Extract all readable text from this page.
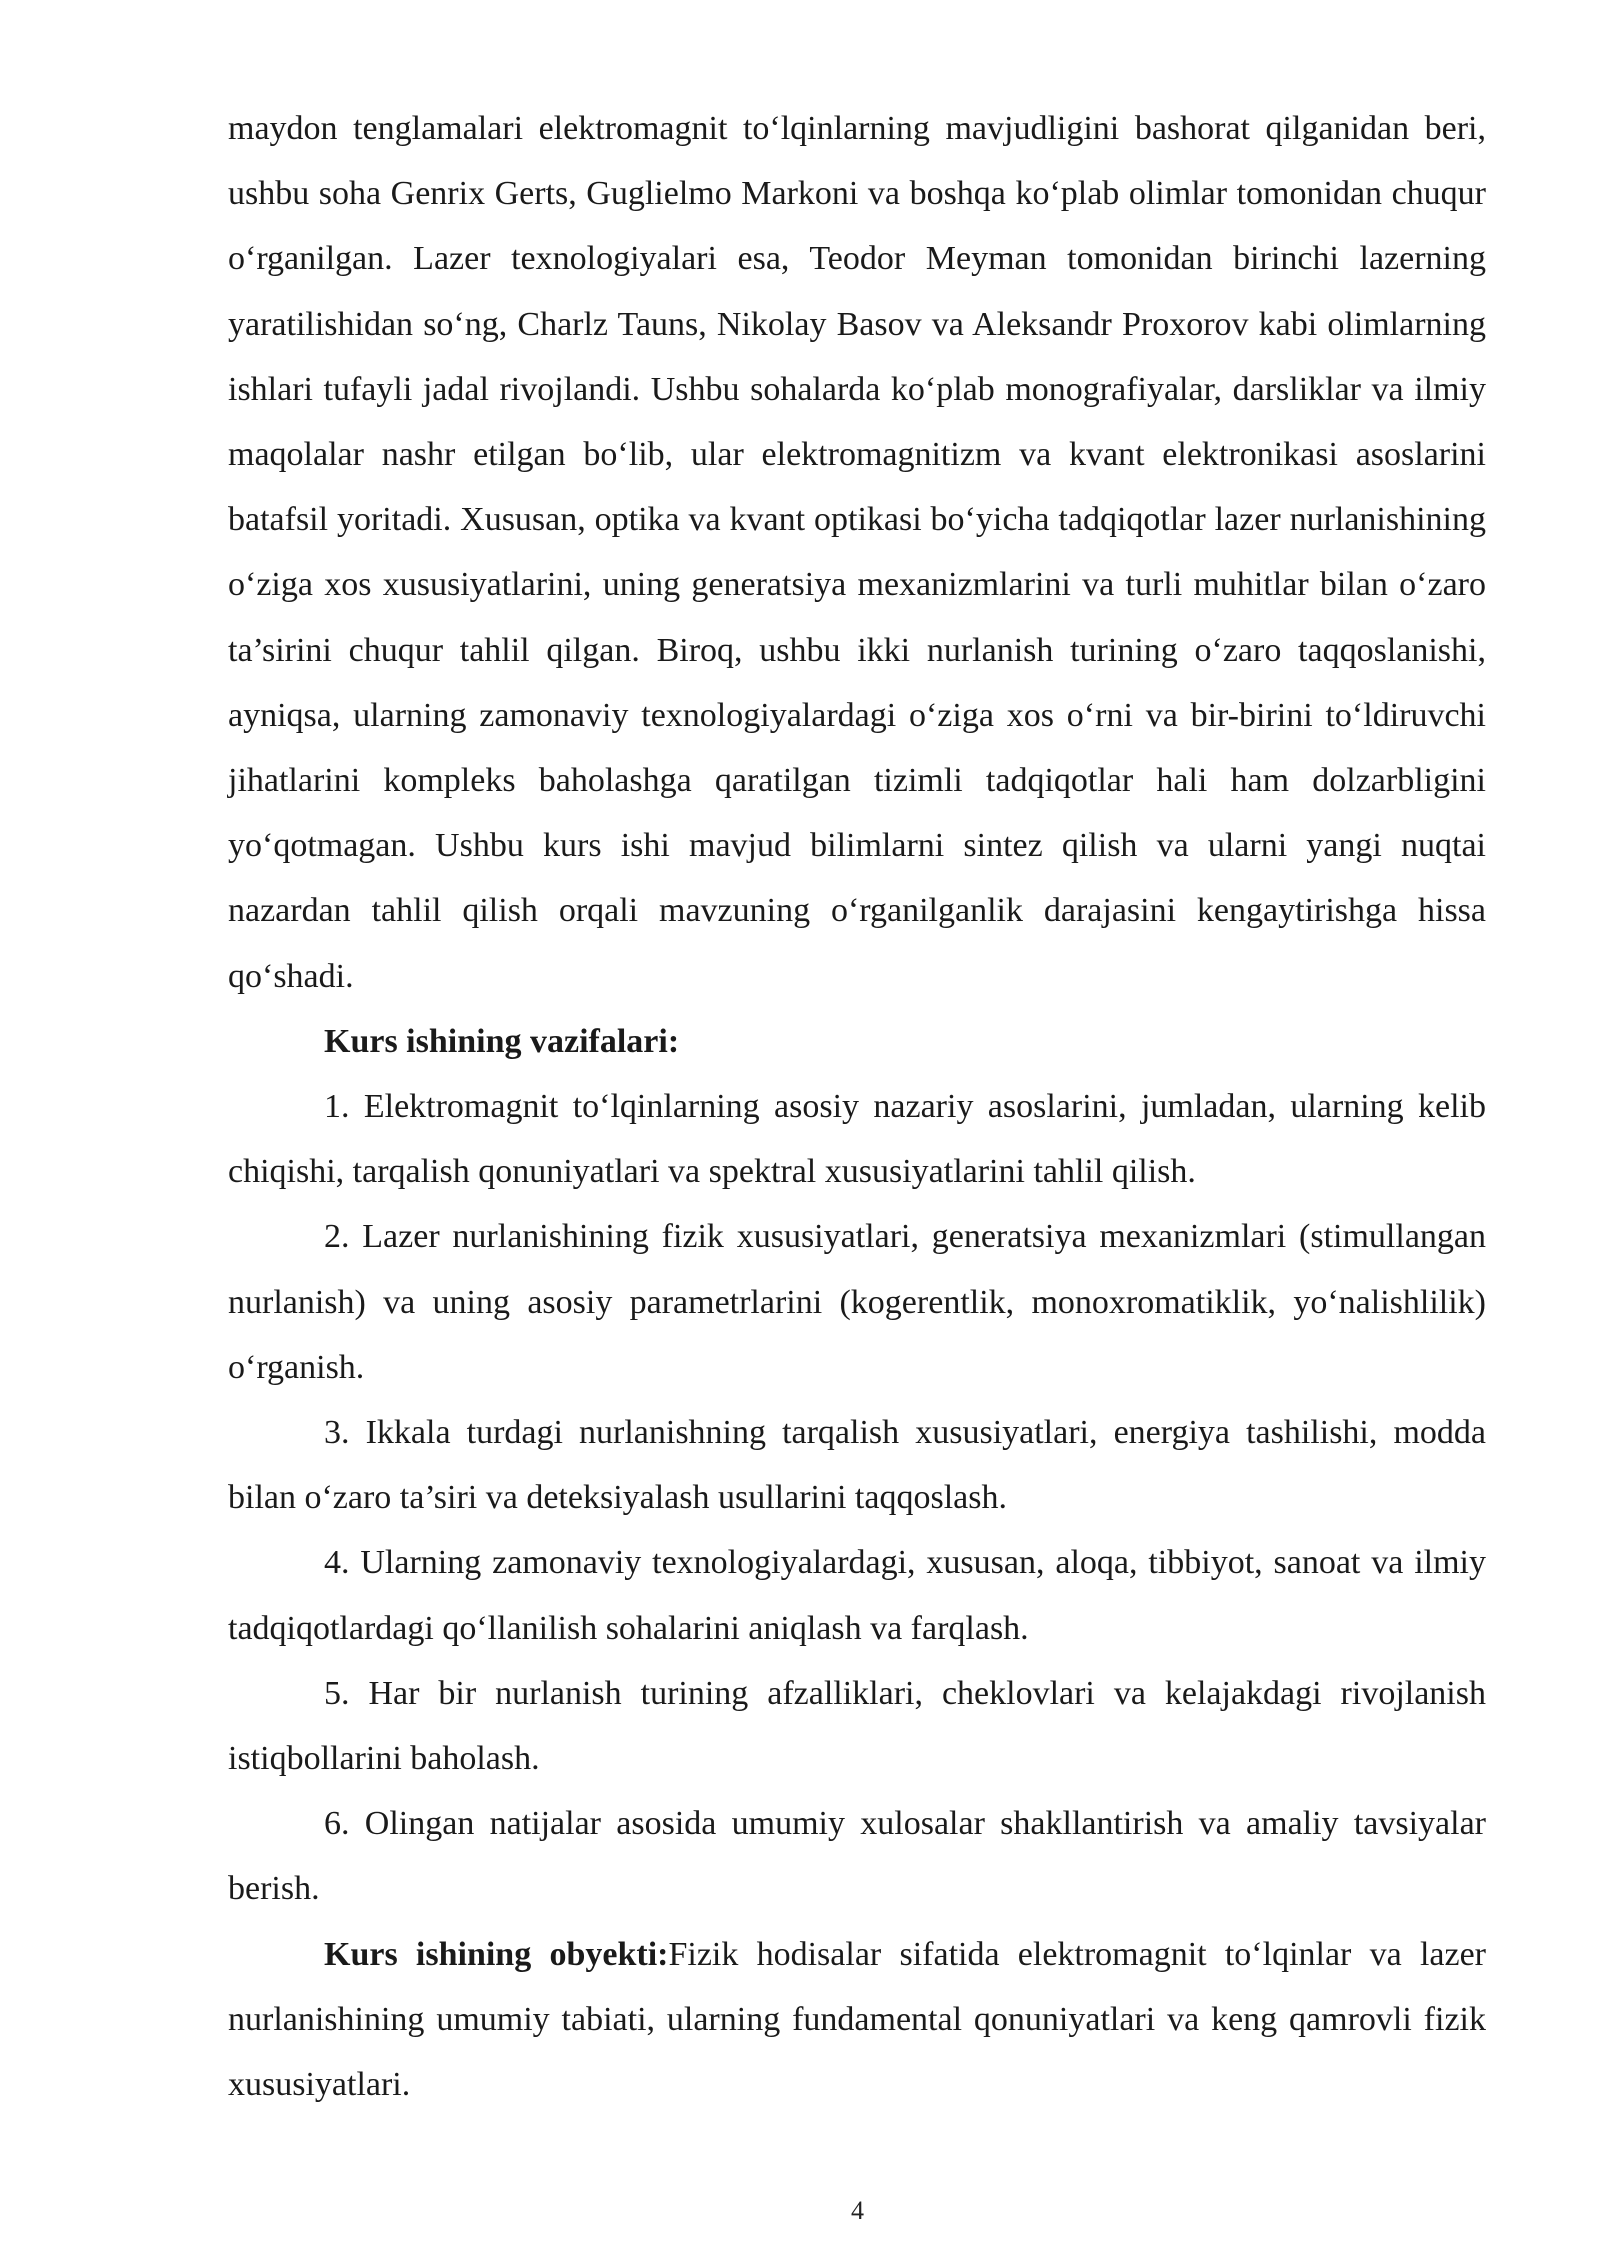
maydon tenglamalari elektromagnit to‘lqinlarning mavjudligini bashorat qilganidan beri, ushbu soha Genrix Gerts, Guglielmo Markoni va boshqa ko‘plab olimlar tomonidan chuqur o‘rganilgan. Lazer texnologiyalari esa, Teodor Meyman tomonidan birinchi lazerning yaratilishidan so‘ng, Charlz Tauns, Nikolay Basov va Aleksandr Proxorov kabi olimlarning ishlari tufayli jadal rivojlandi. Ushbu sohalarda ko‘plab monografiyalar, darsliklar va ilmiy maqolalar nashr etilgan bo‘lib, ular elektromagnitizm va kvant elektronikasi asoslarini batafsil yoritadi. Xususan, optika va kvant optikasi bo‘yicha tadqiqotlar lazer nurlanishining o‘ziga xos xususiyatlarini, uning generatsiya mexanizmlarini va turli muhitlar bilan o‘zaro ta’sirini chuqur tahlil qilgan. Biroq, ushbu ikki nurlanish turining o‘zaro taqqoslanishi, ayniqsa, ularning zamonaviy texnologiyalardagi o‘ziga xos o‘rni va bir-birini to‘ldiruvchi jihatlarini kompleks baholashga qaratilgan tizimli tadqiqotlar hali ham dolzarbligini yo‘qotmagan. Ushbu kurs ishi mavjud bilimlarni sintez qilish va ularni yangi nuqtai nazardan tahlil qilish orqali mavzuning o‘rganilganlik darajasini kengaytirishga hissa qo‘shadi.

Kurs ishining vazifalari:

1. Elektromagnit to‘lqinlarning asosiy nazariy asoslarini, jumladan, ularning kelib chiqishi, tarqalish qonuniyatlari va spektral xususiyatlarini tahlil qilish.

2. Lazer nurlanishining fizik xususiyatlari, generatsiya mexanizmlari (stimullangan nurlanish) va uning asosiy parametrlarini (kogerentlik, monoxromatiklik, yo‘nalishlilik) o‘rganish.

3. Ikkala turdagi nurlanishning tarqalish xususiyatlari, energiya tashilishi, modda bilan o‘zaro ta’siri va deteksiyalash usullarini taqqoslash.

4. Ularning zamonaviy texnologiyalardagi, xususan, aloqa, tibbiyot, sanoat va ilmiy tadqiqotlardagi qo‘llanilish sohalarini aniqlash va farqlash.

5. Har bir nurlanish turining afzalliklari, cheklovlari va kelajakdagi rivojlanish istiqbollarini baholash.

6. Olingan natijalar asosida umumiy xulosalar shakllantirish va amaliy tavsiyalar berish.

Kurs ishining obyekti:Fizik hodisalar sifatida elektromagnit to‘lqinlar va lazer nurlanishining umumiy tabiati, ularning fundamental qonuniyatlari va keng qamrovli fizik xususiyatlari.

4
